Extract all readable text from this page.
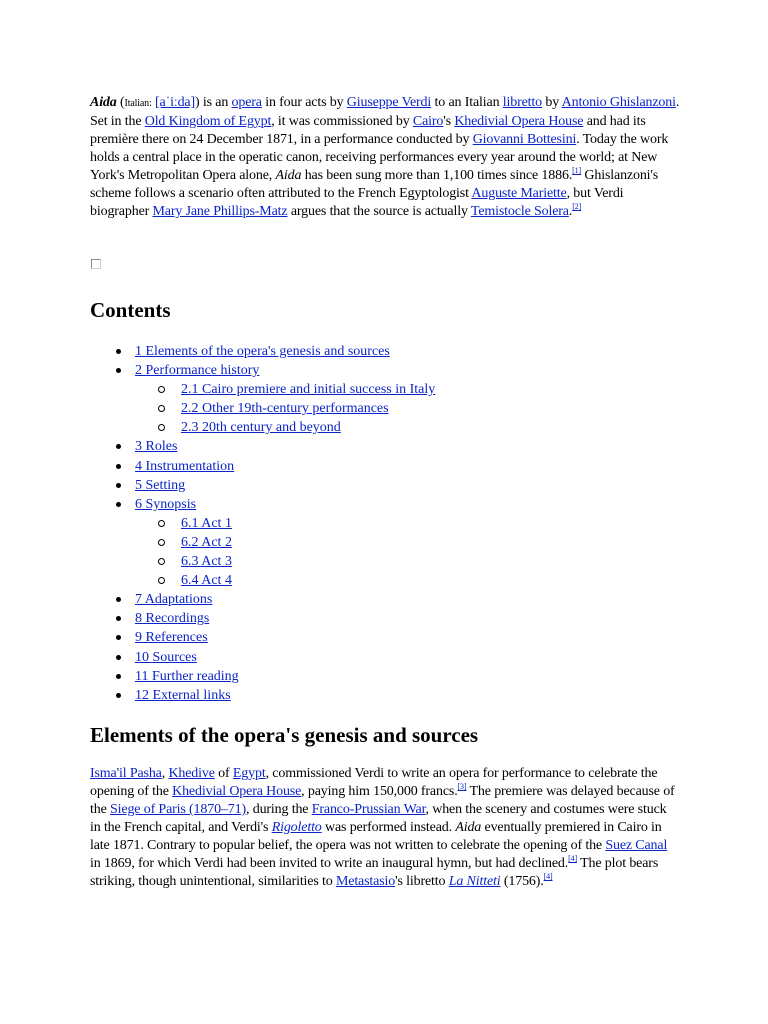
Aida (Italian: [aˈiːda]) is an opera in four acts by Giuseppe Verdi to an Italian libretto by Antonio Ghislanzoni. Set in the Old Kingdom of Egypt, it was commissioned by Cairo's Khedivial Opera House and had its première there on 24 December 1871, in a performance conducted by Giovanni Bottesini. Today the work holds a central place in the operatic canon, receiving performances every year around the world; at New York's Metropolitan Opera alone, Aida has been sung more than 1,100 times since 1886.[1] Ghislanzoni's scheme follows a scenario often attributed to the French Egyptologist Auguste Mariette, but Verdi biographer Mary Jane Phillips-Matz argues that the source is actually Temistocle Solera.[2]

Contents
1 Elements of the opera's genesis and sources
2 Performance history
2.1 Cairo premiere and initial success in Italy
2.2 Other 19th-century performances
2.3 20th century and beyond
3 Roles
4 Instrumentation
5 Setting
6 Synopsis
6.1 Act 1
6.2 Act 2
6.3 Act 3
6.4 Act 4
7 Adaptations
8 Recordings
9 References
10 Sources
11 Further reading
12 External links
Elements of the opera's genesis and sources

Isma'il Pasha, Khedive of Egypt, commissioned Verdi to write an opera for performance to celebrate the opening of the Khedivial Opera House, paying him 150,000 francs.[3] The premiere was delayed because of the Siege of Paris (1870–71), during the Franco-Prussian War, when the scenery and costumes were stuck in the French capital, and Verdi's Rigoletto was performed instead. Aida eventually premiered in Cairo in late 1871. Contrary to popular belief, the opera was not written to celebrate the opening of the Suez Canal in 1869, for which Verdi had been invited to write an inaugural hymn, but had declined.[4] The plot bears striking, though unintentional, similarities to Metastasio's libretto La Nitteti (1756).[4]
